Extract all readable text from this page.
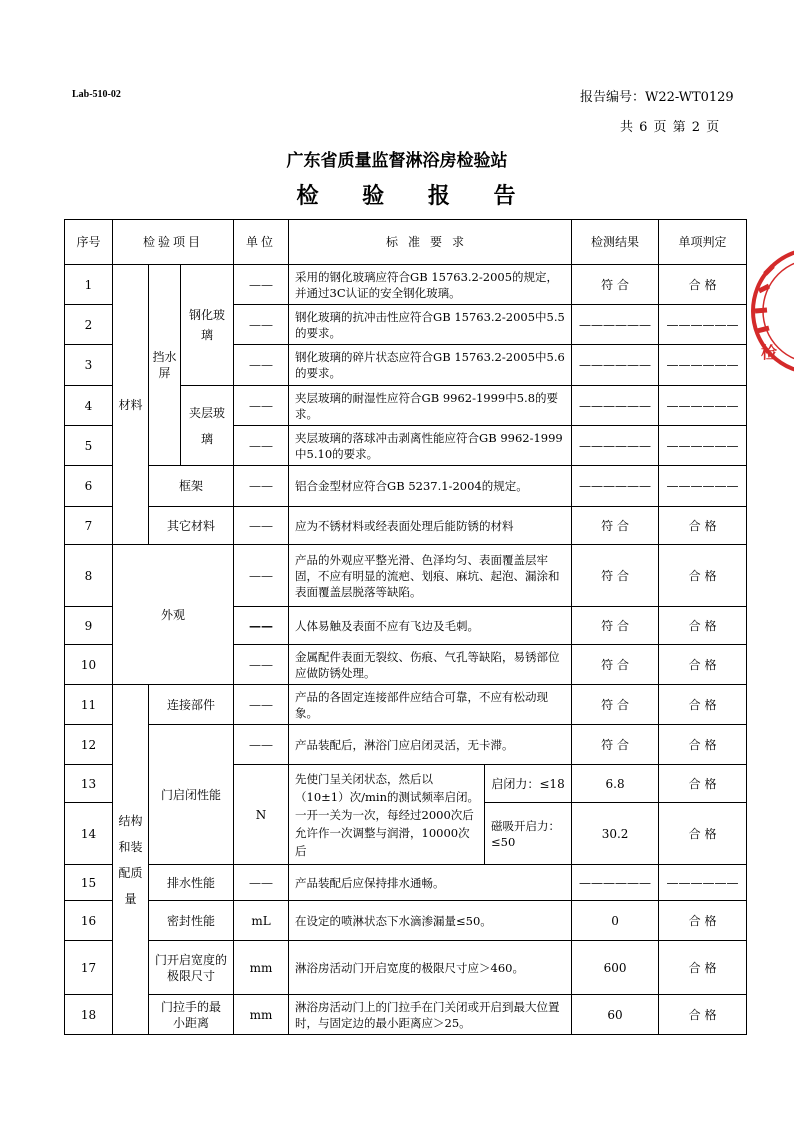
Lab-510-02	报告编号：W22-WT0129
共 6 页 第 2 页
广东省质量监督淋浴房检验站
检 验 报 告
检
序号	检验项目			单位	标准要求		检测结果	单项判定
1	材料	挡水屏	钢化玻璃	——	采用的钢化玻璃应符合GB 15763.2-2005的规定，并通过3C认证的安全钢化玻璃。		符 合	合 格
2				——	钢化玻璃的抗冲击性应符合GB 15763.2-2005中5.5的要求。		——————	——————
3				——	钢化玻璃的碎片状态应符合GB 15763.2-2005中5.6的要求。		——————	——————
4			夹层玻璃	——	夹层玻璃的耐湿性应符合GB 9962-1999中5.8的要求。		——————	——————
5				——	夹层玻璃的落球冲击剥离性能应符合GB 9962-1999中5.10的要求。		——————	——————
6		框架		——	铝合金型材应符合GB 5237.1-2004的规定。		——————	——————
7		其它材料		——	应为不锈材料或经表面处理后能防锈的材料		符 合	合 格
8	外观			——	产品的外观应平整光滑、色泽均匀、表面覆盖层牢固，不应有明显的流疤、划痕、麻坑、起泡、漏涂和表面覆盖层脱落等缺陷。		符 合	合 格
9				——	人体易触及表面不应有飞边及毛刺。		符 合	合 格
10				——	金属配件表面无裂纹、伤痕、气孔等缺陷，易锈部位应做防锈处理。		符 合	合 格
11	结构和装配质量	连接部件		——	产品的各固定连接部件应结合可靠，不应有松动现象。		符 合	合 格
12		门启闭性能		——	产品装配后，淋浴门应启闭灵活，无卡滞。		符 合	合 格
13				N	先使门呈关闭状态，然后以（10±1）次/min的测试频率启闭。一开一关为一次，每经过2000次后允许作一次调整与润滑，10000次后	启闭力：≤18	6.8	合 格
14						磁吸开启力：≤50	30.2	合 格
15		排水性能		——	产品装配后应保持排水通畅。		——————	——————
16		密封性能		mL	在设定的喷淋状态下水滴渗漏量≤50。		0	合 格
17		门开启宽度的极限尺寸		mm	淋浴房活动门开启宽度的极限尺寸应＞460。		600	合 格
18		门拉手的最小距离		mm	淋浴房活动门上的门拉手在门关闭或开启到最大位置时，与固定边的最小距离应＞25。		60	合 格
